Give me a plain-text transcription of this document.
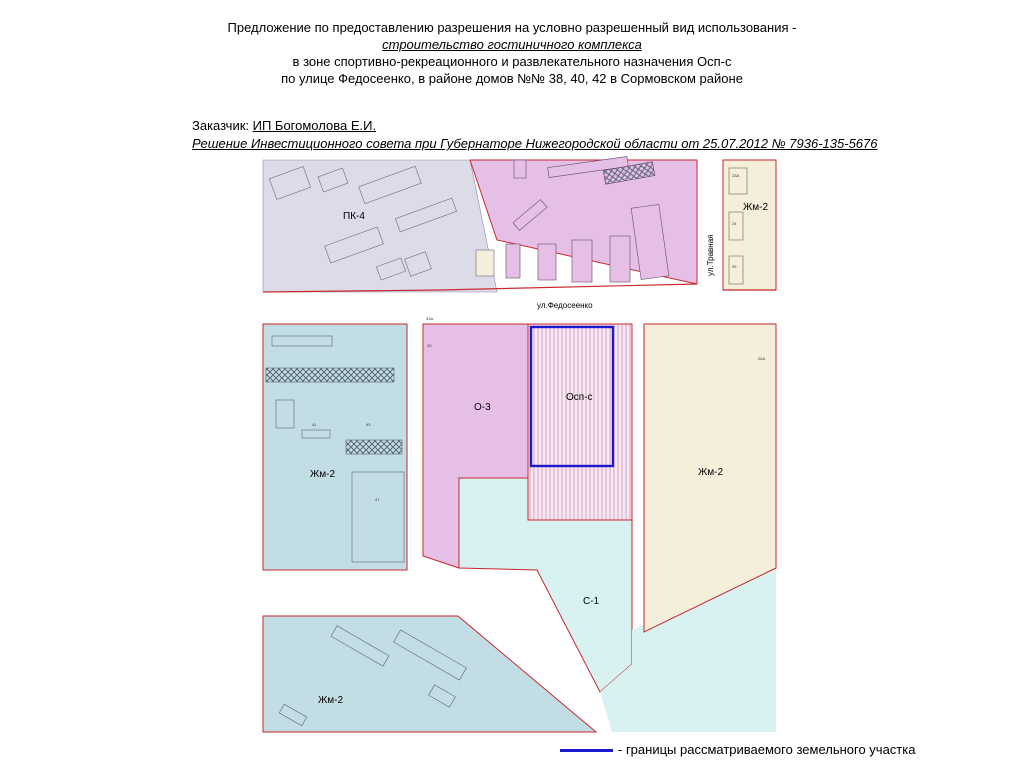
Предложение по предоставлению разрешения на условно разрешенный вид использования -
строительство гостиничного комплекса
в зоне спортивно-рекреационного и развлекательного назначения Осп-с
по улице Федосеенко, в районе домов №№ 38, 40, 42 в Сормовском районе
Заказчик: ИП Богомолова Е.И.
Решение Инвестиционного совета при Губернаторе Нижегородской области от 25.07.2012 № 7936-135-5676
ПК-4
Жм-2
О-3
Осп-с
Жм-2	Жм-2
С-1
Жм-2
ул.Федосеенко
ул.Травная
23А
24
25
26А
41	43
47
20
33А
- границы рассматриваемого земельного участка
